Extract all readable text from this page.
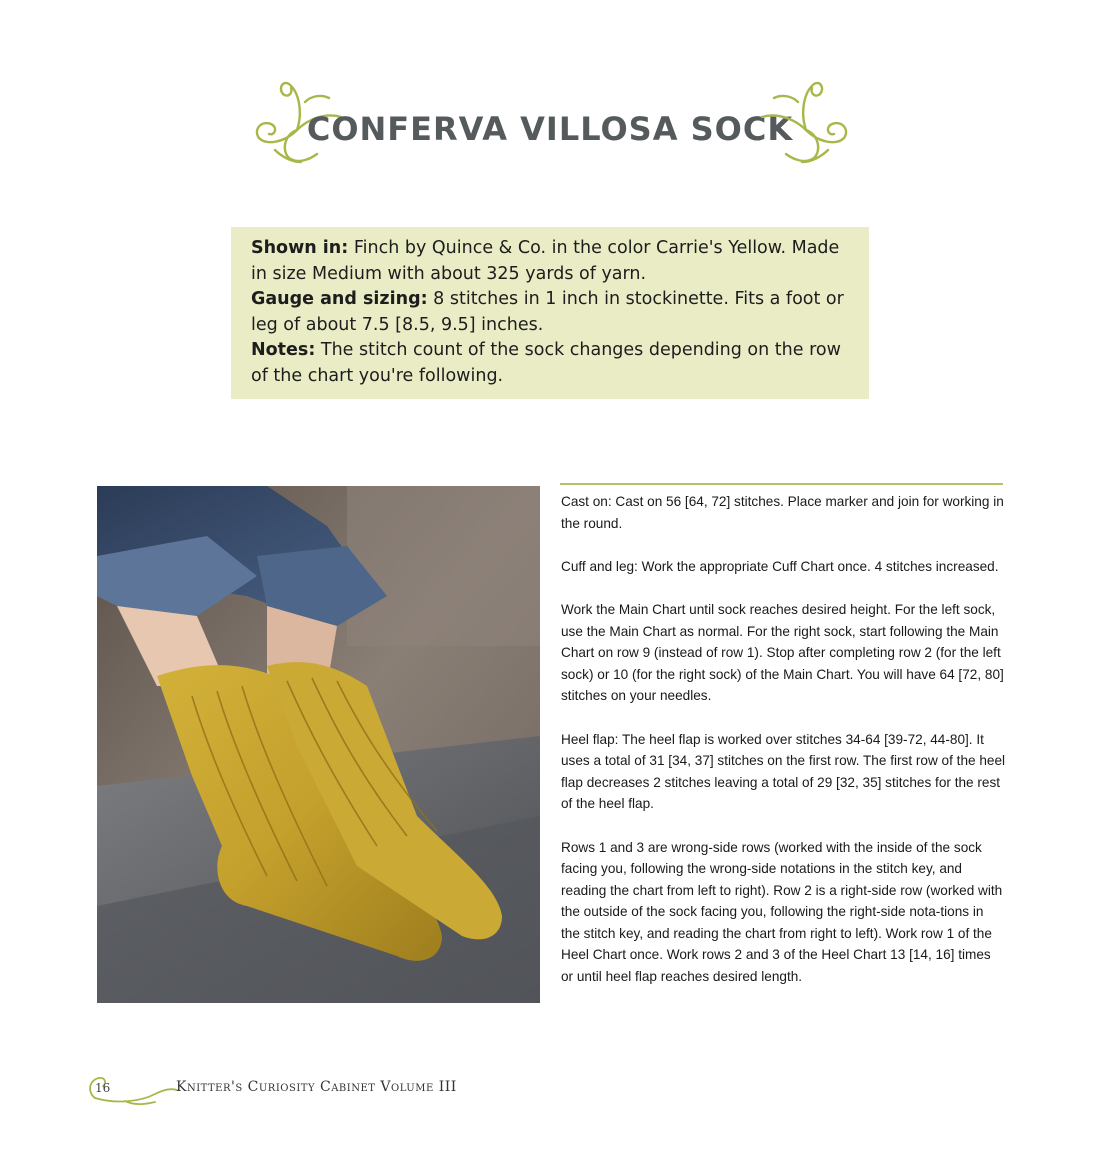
CONFERVA VILLOSA SOCK

Shown in: Finch by Quince & Co. in the color Carrie's Yellow. Made in size Medium with about 325 yards of yarn.

Gauge and sizing: 8 stitches in 1 inch in stockinette. Fits a foot or leg of about 7.5 [8.5, 9.5] inches.

Notes: The stitch count of the sock changes depending on the row of the chart you're following.

Cast on: Cast on 56 [64, 72] stitches. Place marker and join for working in the round.

Cuff and leg: Work the appropriate Cuff Chart once. 4 stitches increased.

Work the Main Chart until sock reaches desired height. For the left sock, use the Main Chart as normal. For the right sock, start following the Main Chart on row 9 (instead of row 1). Stop after completing row 2 (for the left sock) or 10 (for the right sock) of the Main Chart. You will have 64 [72, 80] stitches on your needles.

Heel flap: The heel flap is worked over stitches 34-64 [39-72, 44-80]. It uses a total of 31 [34, 37] stitches on the first row. The first row of the heel flap decreases 2 stitches leaving a total of 29 [32, 35] stitches for the rest of the heel flap.

Rows 1 and 3 are wrong-side rows (worked with the inside of the sock facing you, following the wrong-side notations in the stitch key, and reading the chart from left to right). Row 2 is a right-side row (worked with the outside of the sock facing you, following the right-side nota-tions in the stitch key, and reading the chart from right to left). Work row 1 of the Heel Chart once. Work rows 2 and 3 of the Heel Chart 13 [14, 16] times or until heel flap reaches desired length.

16	Knitter's Curiosity Cabinet Volume III
